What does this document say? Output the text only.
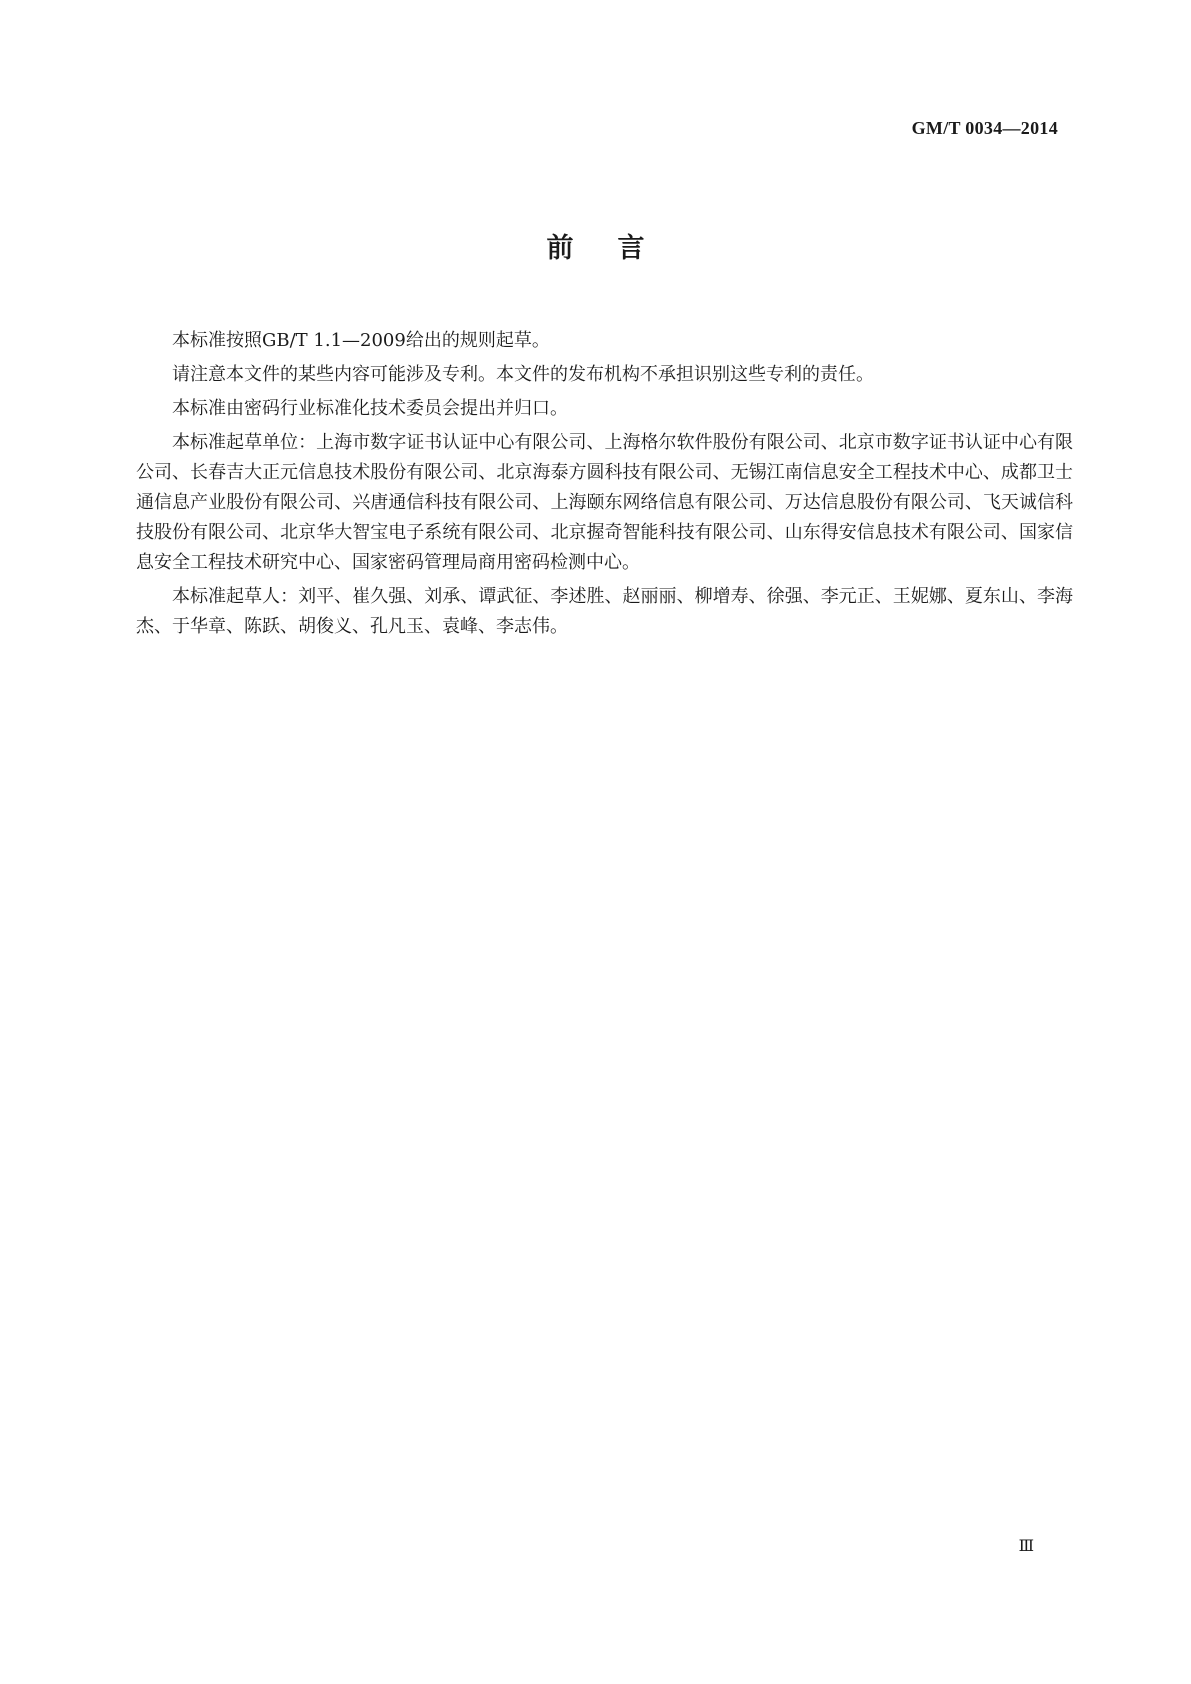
GM/T 0034—2014
前言

本标准按照GB/T 1.1—2009给出的规则起草。

请注意本文件的某些内容可能涉及专利。本文件的发布机构不承担识别这些专利的责任。

本标准由密码行业标准化技术委员会提出并归口。

本标准起草单位：上海市数字证书认证中心有限公司、上海格尔软件股份有限公司、北京市数字证书认证中心有限公司、长春吉大正元信息技术股份有限公司、北京海泰方圆科技有限公司、无锡江南信息安全工程技术中心、成都卫士通信息产业股份有限公司、兴唐通信科技有限公司、上海颐东网络信息有限公司、万达信息股份有限公司、飞天诚信科技股份有限公司、北京华大智宝电子系统有限公司、北京握奇智能科技有限公司、山东得安信息技术有限公司、国家信息安全工程技术研究中心、国家密码管理局商用密码检测中心。

本标准起草人：刘平、崔久强、刘承、谭武征、李述胜、赵丽丽、柳增寿、徐强、李元正、王妮娜、夏东山、李海杰、于华章、陈跃、胡俊义、孔凡玉、袁峰、李志伟。

Ⅲ
